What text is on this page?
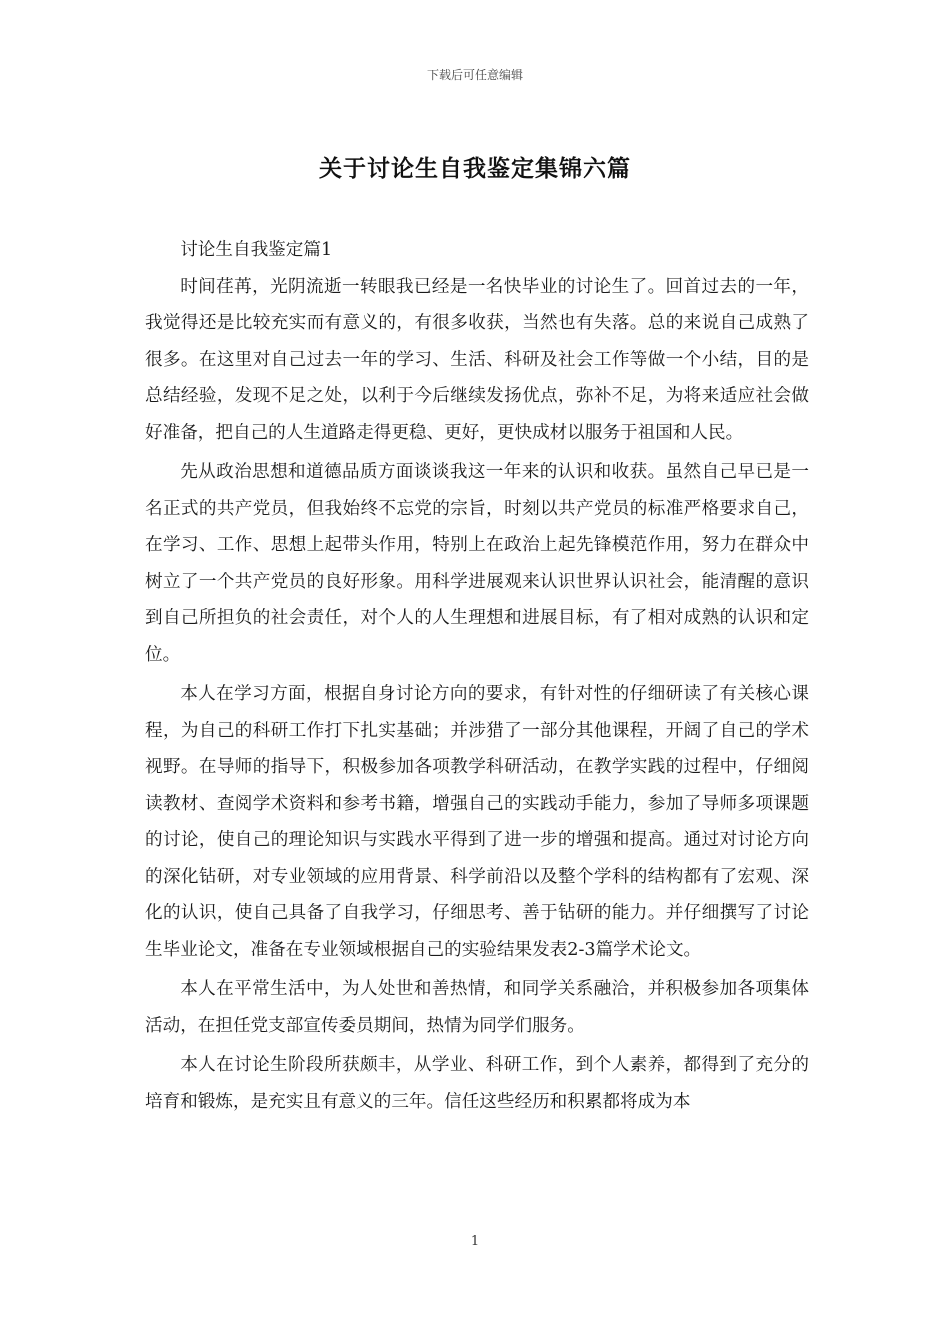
下载后可任意编辑
关于讨论生自我鉴定集锦六篇

讨论生自我鉴定篇1

时间荏苒，光阴流逝一转眼我已经是一名快毕业的讨论生了。回首过去的一年，我觉得还是比较充实而有意义的，有很多收获，当然也有失落。总的来说自己成熟了很多。在这里对自己过去一年的学习、生活、科研及社会工作等做一个小结，目的是总结经验，发现不足之处，以利于今后继续发扬优点，弥补不足，为将来适应社会做好准备，把自己的人生道路走得更稳、更好，更快成材以服务于祖国和人民。

先从政治思想和道德品质方面谈谈我这一年来的认识和收获。虽然自己早已是一名正式的共产党员，但我始终不忘党的宗旨，时刻以共产党员的标准严格要求自己，在学习、工作、思想上起带头作用，特别上在政治上起先锋模范作用，努力在群众中树立了一个共产党员的良好形象。用科学进展观来认识世界认识社会，能清醒的意识到自己所担负的社会责任，对个人的人生理想和进展目标，有了相对成熟的认识和定位。

本人在学习方面，根据自身讨论方向的要求，有针对性的仔细研读了有关核心课程，为自己的科研工作打下扎实基础；并涉猎了一部分其他课程，开阔了自己的学术视野。在导师的指导下，积极参加各项教学科研活动，在教学实践的过程中，仔细阅读教材、查阅学术资料和参考书籍，增强自己的实践动手能力，参加了导师多项课题的讨论，使自己的理论知识与实践水平得到了进一步的增强和提高。通过对讨论方向的深化钻研，对专业领域的应用背景、科学前沿以及整个学科的结构都有了宏观、深化的认识，使自己具备了自我学习，仔细思考、善于钻研的能力。并仔细撰写了讨论生毕业论文，准备在专业领域根据自己的实验结果发表2-3篇学术论文。

本人在平常生活中，为人处世和善热情，和同学关系融洽，并积极参加各项集体活动，在担任党支部宣传委员期间，热情为同学们服务。

本人在讨论生阶段所获颇丰，从学业、科研工作，到个人素养，都得到了充分的培育和锻炼，是充实且有意义的三年。信任这些经历和积累都将成为本

1
